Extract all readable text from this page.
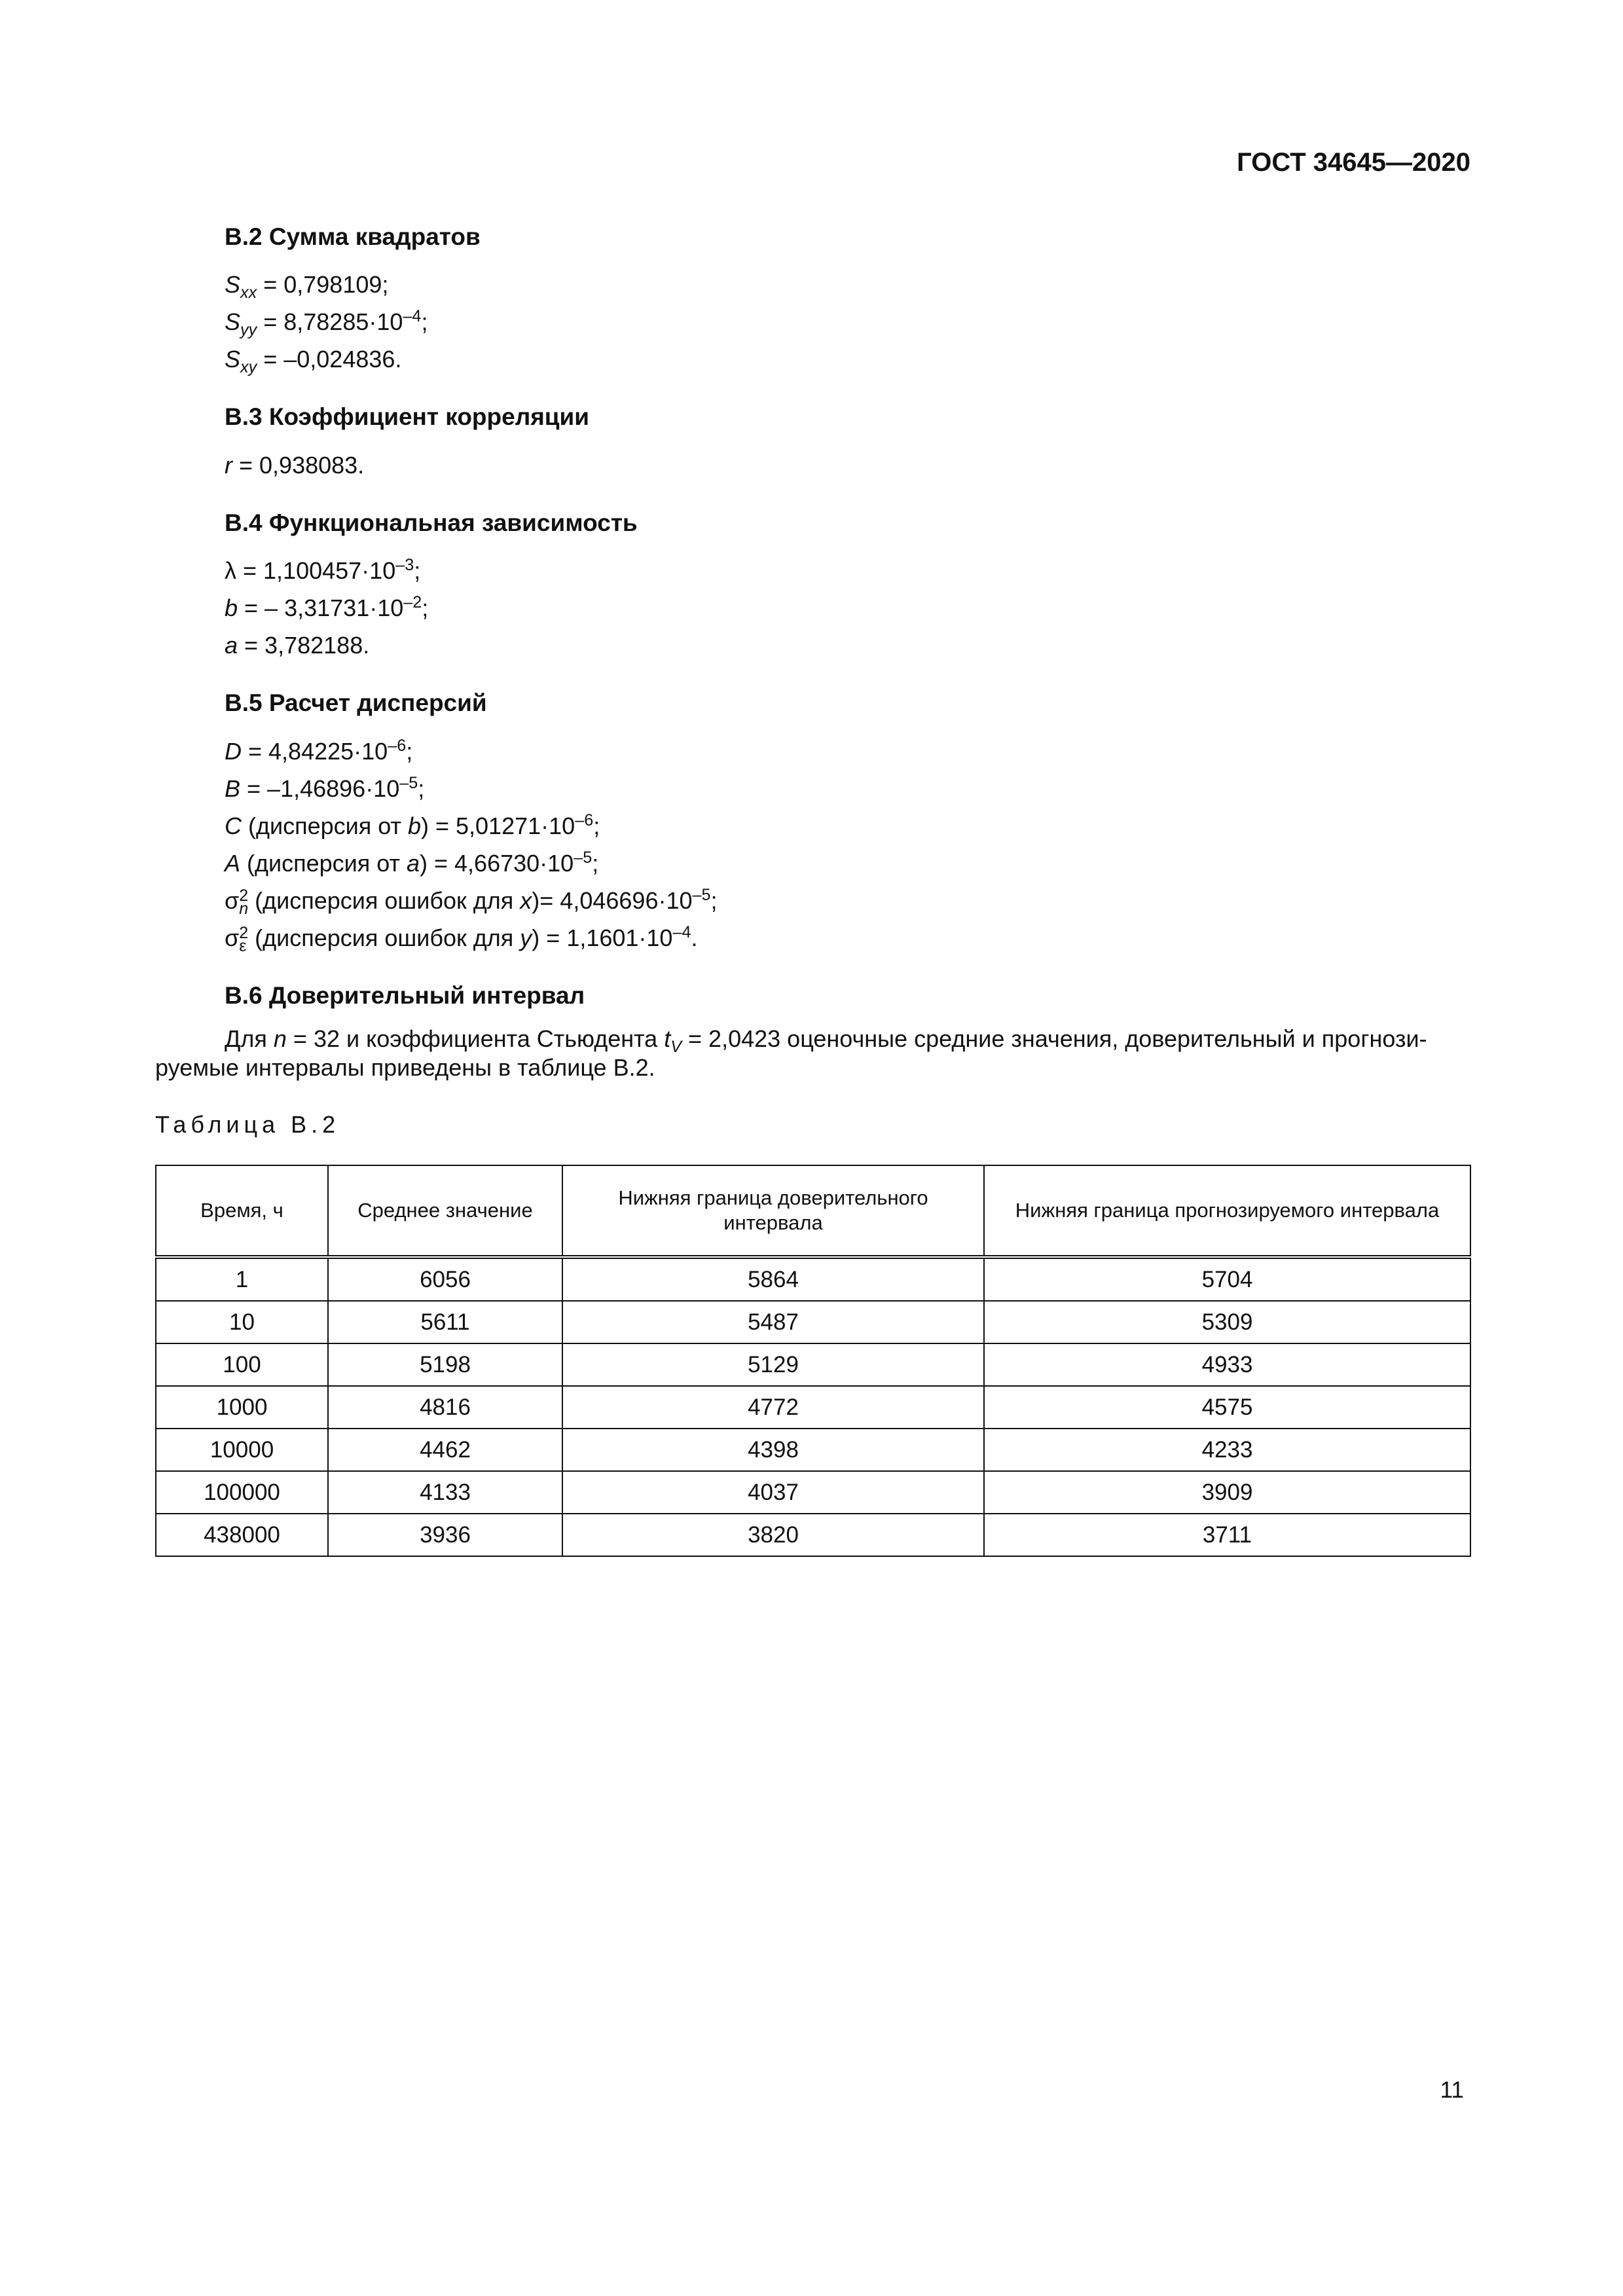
ГОСТ 34645—2020
В.2 Сумма квадратов
$S_{xx} = 0,798109$;
$S_{yy} = 8,78285\cdot 10^{-4}$;
$S_{xy} = -0,024836$.
В.3 Коэффициент корреляции
r = 0,938083.
В.4 Функциональная зависимость
$\lambda = 1,100457\cdot 10^{-3}$;
b = – $3,31731\cdot 10^{-2}$;
a = 3,782188.
В.5 Расчет дисперсий
$D = 4,84225\cdot 10^{-6}$;
$B = -1,46896\cdot 10^{-5}$;
C (дисперсия от $b) = 5,01271\cdot 10^{-6}$;
A (дисперсия от $a) = 4,66730\cdot 10^{-5}$;
σ 2
n (дисперсия ошибок для $x)= 4,046696\cdot 10^{-5}$;
σ 2
ε (дисперсия ошибок для $y) = 1,1601\cdot 10^{-4}$.
В.6 Доверительный интервал
Для n = 32 и коэффициента Стьюдента $t_V = 2,0423$ оценочные средние значения, доверительный и прогнози-руемые интервалы приведены в таблице В.2.
Таблица В.2
Время, ч	Среднее значение	Нижняя граница доверительного интервала	Нижняя граница прогнозируемого интервала
1	6056	5864	5704
10	5611	5487	5309
100	5198	5129	4933
1000	4816	4772	4575
10000	4462	4398	4233
100000	4133	4037	3909
438000	3936	3820	3711
11
